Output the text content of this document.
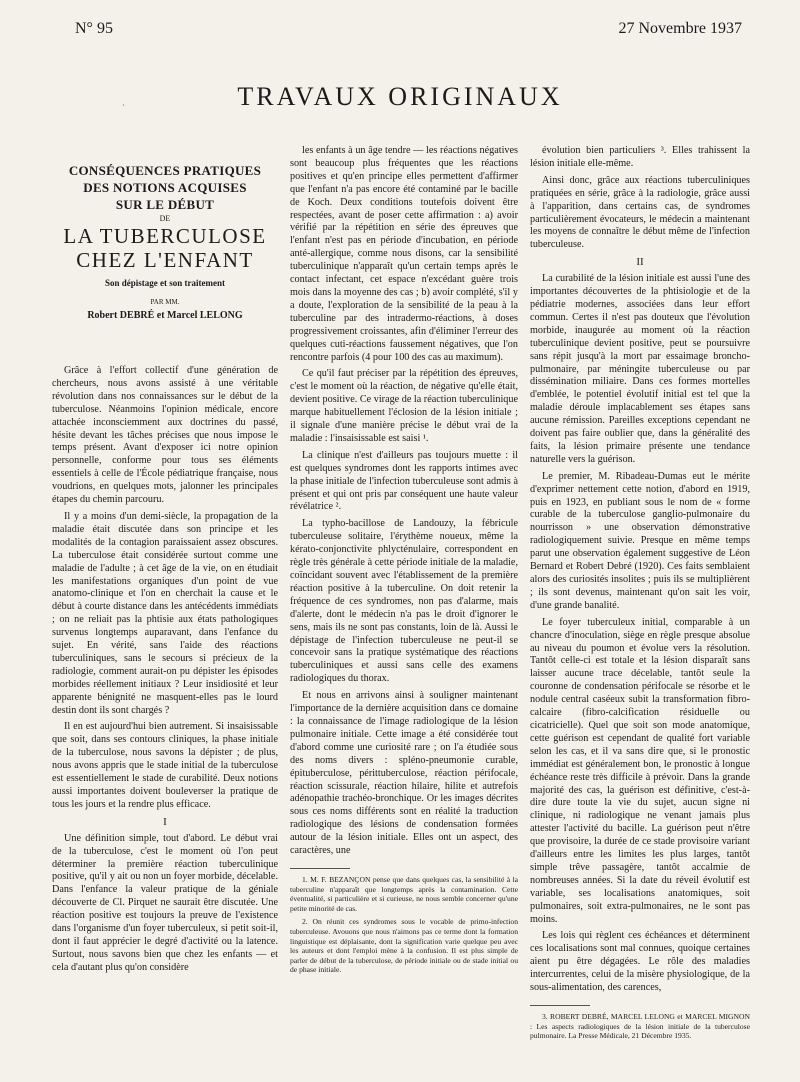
N° 95	27 Novembre 1937
·	TRAVAUX ORIGINAUX
CONSÉQUENCES PRATIQUES
DES NOTIONS ACQUISES
SUR LE DÉBUT
DE
LA TUBERCULOSE
CHEZ L'ENFANT
Son dépistage et son traitement
PAR MM.
Robert DEBRÉ et Marcel LELONG

Grâce à l'effort collectif d'une génération de chercheurs, nous avons assisté à une véritable révolution dans nos connaissances sur le début de la tuberculose. Néanmoins l'opinion médicale, encore attachée inconsciemment aux doctrines du passé, hésite devant les tâches précises que nous impose le temps présent. Avant d'exposer ici notre opinion personnelle, conforme pour tous ses éléments essentiels à celle de l'École pédiatrique française, nous voudrions, en quelques mots, jalonner les principales étapes du chemin parcouru.

Il y a moins d'un demi-siècle, la propagation de la maladie était discutée dans son principe et les modalités de la contagion paraissaient assez obscures. La tuberculose était considérée surtout comme une maladie de l'adulte ; à cet âge de la vie, on en étudiait les manifestations organiques d'un point de vue anatomo-clinique et l'on en cherchait la cause et le début à courte distance dans les antécédents immédiats ; on ne reliait pas la phtisie aux états pathologiques survenus longtemps auparavant, dans l'enfance du sujet. En vérité, sans l'aide des réactions tuberculiniques, sans le secours si précieux de la radiologie, comment aurait-on pu dépister les épisodes morbides réellement initiaux ? Leur insidiosité et leur apparente bénignité ne masquent-elles pas le lourd destin dont ils sont chargés ?

Il en est aujourd'hui bien autrement. Si insaisissable que soit, dans ses contours cliniques, la phase initiale de la tuberculose, nous savons la dépister ; de plus, nous avons appris que le stade initial de la tuberculose est essentiellement le stade de curabilité. Deux notions aussi importantes doivent bouleverser la pratique de tous les jours et la rendre plus efficace.

I

Une définition simple, tout d'abord. Le début vrai de la tuberculose, c'est le moment où l'on peut déterminer la première réaction tuberculinique positive, qu'il y ait ou non un foyer morbide, décelable. Dans l'enfance la valeur pratique de la géniale découverte de Cl. Pirquet ne saurait être discutée. Une réaction positive est toujours la preuve de l'existence dans l'organisme d'un foyer tuberculeux, si petit soit-il, dont il faut apprécier le degré d'activité ou la latence. Surtout, nous savons bien que chez les enfants — et cela d'autant plus qu'on considère

les enfants à un âge tendre — les réactions négatives sont beaucoup plus fréquentes que les réactions positives et qu'en principe elles permettent d'affirmer que l'enfant n'a pas encore été contaminé par le bacille de Koch. Deux conditions toutefois doivent être respectées, avant de poser cette affirmation : a) avoir vérifié par la répétition en série des épreuves que l'enfant n'est pas en période d'incubation, en période anté-allergique, comme nous disons, car la sensibilité tuberculinique n'apparaît qu'un certain temps après le contact infectant, cet espace n'excédant guère trois mois dans la moyenne des cas ; b) avoir complété, s'il y a doute, l'exploration de la sensibilité de la peau à la tuberculine par des intradermo-réactions, à doses progressivement croissantes, afin d'éliminer l'erreur des quelques cuti-réactions faussement négatives, que l'on rencontre parfois (4 pour 100 des cas au maximum).

Ce qu'il faut préciser par la répétition des épreuves, c'est le moment où la réaction, de négative qu'elle était, devient positive. Ce virage de la réaction tuberculinique marque habituellement l'éclosion de la lésion initiale ; il signale d'une manière précise le début vrai de la maladie : l'insaisissable est saisi ¹.

La clinique n'est d'ailleurs pas toujours muette : il est quelques syndromes dont les rapports intimes avec la phase initiale de l'infection tuberculeuse sont admis à présent et qui ont pris par conséquent une haute valeur révélatrice ².

La typho-bacillose de Landouzy, la fébricule tuberculeuse solitaire, l'érythème noueux, même la kérato-conjonctivite phlycténulaire, correspondent en règle très générale à cette période initiale de la maladie, coïncidant souvent avec l'établissement de la première réaction positive à la tuberculine. On doit retenir la fréquence de ces syndromes, non pas d'alarme, mais d'alerte, dont le médecin n'a pas le droit d'ignorer le sens, mais ils ne sont pas constants, loin de là. Aussi le dépistage de l'infection tuberculeuse ne peut-il se concevoir sans la pratique systématique des réactions tuberculiniques et aussi sans celle des examens radiologiques du thorax.

Et nous en arrivons ainsi à souligner maintenant l'importance de la dernière acquisition dans ce domaine : la connaissance de l'image radiologique de la lésion pulmonaire initiale. Cette image a été considérée tout d'abord comme une curiosité rare ; on l'a étudiée sous des noms divers : spléno-pneumonie curable, épituberculose, périttuberculose, réaction périfocale, réaction scissurale, réaction hilaire, hilite et autrefois adénopathie trachéo-bronchique. Or les images décrites sous ces noms différents sont en réalité la traduction radiologique des lésions de condensation formées autour de la lésion initiale. Elles ont un aspect, des caractères, une

1. M. F. BEZANÇON pense que dans quelques cas, la sensibilité à la tuberculine n'apparaît que longtemps après la contamination. Cette éventualité, si particulière et si curieuse, ne nous semble concerner qu'une petite minorité de cas.

2. On réunit ces syndromes sous le vocable de primo-infection tuberculeuse. Avouons que nous n'aimons pas ce terme dont la formation linguistique est déplaisante, dont la signification varie quelque peu avec les auteurs et dont l'emploi mène à la confusion. Il est plus simple de parler de début de la tuberculose, de période initiale ou de stade initial ou de phase initiale.

évolution bien particuliers ³. Elles trahissent la lésion initiale elle-même.

Ainsi donc, grâce aux réactions tuberculiniques pratiquées en série, grâce à la radiologie, grâce aussi à l'apparition, dans certains cas, de syndromes particulièrement évocateurs, le médecin a maintenant les moyens de connaître le début même de l'infection tuberculeuse.

II

La curabilité de la lésion initiale est aussi l'une des importantes découvertes de la phtisiologie et de la pédiatrie modernes, associées dans leur effort commun. Certes il n'est pas douteux que l'évolution morbide, inaugurée au moment où la réaction tuberculinique devient positive, peut se poursuivre sans répit jusqu'à la mort par essaimage broncho-pulmonaire, par méningite tuberculeuse ou par dissémination miliaire. Dans ces formes mortelles d'emblée, le potentiel évolutif initial est tel que la maladie déroule implacablement ses étapes sans aucune rémission. Pareilles exceptions cependant ne doivent pas faire oublier que, dans la généralité des faits, la lésion primaire présente une tendance naturelle vers la guérison.

Le premier, M. Ribadeau-Dumas eut le mérite d'exprimer nettement cette notion, d'abord en 1919, puis en 1923, en publiant sous le nom de « forme curable de la tuberculose ganglio-pulmonaire du nourrisson » une observation démonstrative radiologiquement suivie. Presque en même temps parut une observation également suggestive de Léon Bernard et Robert Debré (1920). Ces faits semblaient alors des curiosités insolites ; puis ils se multiplièrent ; ils sont devenus, maintenant qu'on sait les voir, d'une grande banalité.

Le foyer tuberculeux initial, comparable à un chancre d'inoculation, siège en règle presque absolue au niveau du poumon et évolue vers la résolution. Tantôt celle-ci est totale et la lésion disparaît sans laisser aucune trace décelable, tantôt seule la couronne de condensation périfocale se résorbe et le nodule central caséeux subit la transformation fibro-calcaire (fibro-calcification résiduelle ou cicatricielle). Quel que soit son mode anatomique, cette guérison est cependant de qualité fort variable selon les cas, et il va sans dire que, si le pronostic immédiat est généralement bon, le pronostic à longue échéance reste très difficile à prévoir. Dans la grande majorité des cas, la guérison est définitive, c'est-à-dire dure toute la vie du sujet, aucun signe ni clinique, ni radiologique ne venant jamais plus attester l'activité du bacille. La guérison peut n'être que provisoire, la durée de ce stade provisoire variant d'ailleurs entre les limites les plus larges, tantôt simple trêve passagère, tantôt accalmie de nombreuses années. Si la date du réveil évolutif est variable, ses localisations anatomiques, soit pulmonaires, soit extra-pulmonaires, ne le sont pas moins.

Les lois qui règlent ces échéances et déterminent ces localisations sont mal connues, quoique certaines aient pu être dégagées. Le rôle des maladies intercurrentes, celui de la misère physiologique, de la sous-alimentation, des carences,

3. ROBERT DEBRÉ, MARCEL LELONG et MARCEL MIGNON : Les aspects radiologiques de la lésion initiale de la tuberculose pulmonaire. La Presse Médicale, 21 Décembre 1935.
